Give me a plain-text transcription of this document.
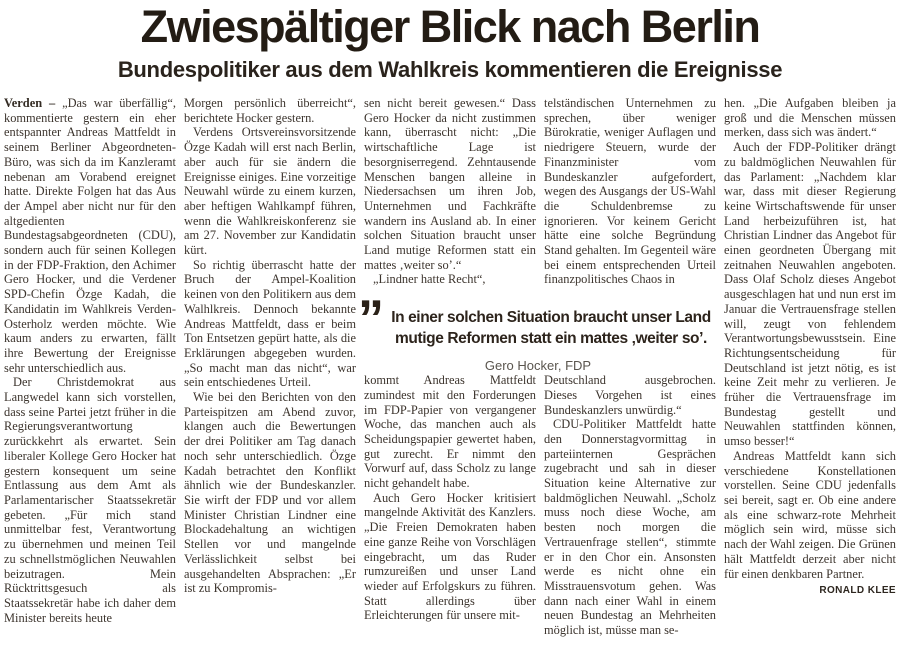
Zwiespältiger Blick nach Berlin
Bundespolitiker aus dem Wahlkreis kommentieren die Ereignisse

Verden – „Das war überfällig“, kommentierte gestern ein eher entspannter Andreas Mattfeldt in seinem Berliner Abgeordneten-Büro, was sich da im Kanzleramt nebenan am Vorabend ereignet hatte. Direkte Folgen hat das Aus der Ampel aber nicht nur für den altgedienten Bundestagsabgeordneten (CDU), sondern auch für seinen Kollegen in der FDP-Fraktion, den Achimer Gero Hocker, und die Verdener SPD-Chefin Özge Kadah, die Kandidatin im Wahlkreis Verden-Osterholz werden möchte. Wie kaum anders zu erwarten, fällt ihre Bewertung der Ereignisse sehr unterschiedlich aus.

Der Christdemokrat aus Langwedel kann sich vorstellen, dass seine Partei jetzt früher in die Regierungsverantwortung zurückkehrt als erwartet. Sein liberaler Kollege Gero Hocker hat gestern konsequent um seine Entlassung aus dem Amt als Parlamentarischer Staatssekretär gebeten. „Für mich stand unmittelbar fest, Verantwortung zu übernehmen und meinen Teil zu schnellstmöglichen Neuwahlen beizutragen. Mein Rücktrittsgesuch als Staatssekretär habe ich daher dem Minister bereits heute

Morgen persönlich überreicht“, berichtete Hocker gestern.

Verdens Ortsvereinsvorsitzende Özge Kadah will erst nach Berlin, aber auch für sie ändern die Ereignisse einiges. Eine vorzeitige Neuwahl würde zu einem kurzen, aber heftigen Wahlkampf führen, wenn die Wahlkreiskonferenz sie am 27. November zur Kandidatin kürt.

So richtig überrascht hatte der Bruch der Ampel-Koalition keinen von den Politikern aus dem Walhlkreis. Dennoch bekannte Andreas Mattfeldt, dass er beim Ton Entsetzen gepürt hatte, als die Erklärungen abgegeben wurden. „So macht man das nicht“, war sein entschiedenes Urteil.

Wie bei den Berichten von den Parteispitzen am Abend zuvor, klangen auch die Bewertungen der drei Politiker am Tag danach noch sehr unterschiedlich. Özge Kadah betrachtet den Konflikt ähnlich wie der Bundeskanzler. Sie wirft der FDP und vor allem Minister Christian Lindner eine Blockadehaltung an wichtigen Stellen vor und mangelnde Verlässlichkeit selbst bei ausgehandelten Absprachen: „Er ist zu Kompromis-

sen nicht bereit gewesen.“ Dass Gero Hocker da nicht zustimmen kann, überrascht nicht: „Die wirtschaftliche Lage ist besorgniserregend. Zehntausende Menschen bangen alleine in Niedersachsen um ihren Job, Unternehmen und Fachkräfte wandern ins Ausland ab. In einer solchen Situation braucht unser Land mutige Reformen statt ein mattes ‚weiter so’.“

„Lindner hatte Recht“,

kommt Andreas Mattfeldt zumindest mit den Forderungen im FDP-Papier von vergangener Woche, das manchen auch als Scheidungspapier gewertet haben, gut zurecht. Er nimmt den Vorwurf auf, dass Scholz zu lange nicht gehandelt habe.

Auch Gero Hocker kritisiert mangelnde Aktivität des Kanzlers. „Die Freien Demokraten haben eine ganze Reihe von Vorschlägen eingebracht, um das Ruder rumzureißen und unser Land wieder auf Erfolgskurs zu führen. Statt allerdings über Erleichterungen für unsere mit-

telständischen Unternehmen zu sprechen, über weniger Bürokratie, weniger Auflagen und niedrigere Steuern, wurde der Finanzminister vom Bundeskanzler aufgefordert, wegen des Ausgangs der US-Wahl die Schuldenbremse zu ignorieren. Vor keinem Gericht hätte eine solche Begründung Stand gehalten. Im Gegenteil wäre bei einem entsprechenden Urteil finanzpolitisches Chaos in

Deutschland ausgebrochen. Dieses Vorgehen ist eines Bundeskanzlers unwürdig.“

CDU-Politiker Mattfeldt hatte den Donnerstagvormittag in parteiinternen Gesprächen zugebracht und sah in dieser Situation keine Alternative zur baldmöglichen Neuwahl. „Scholz muss noch diese Woche, am besten noch morgen die Vertrauenfrage stellen“, stimmte er in den Chor ein. Ansonsten werde es nicht ohne ein Misstrauensvotum gehen. Was dann nach einer Wahl in einem neuen Bundestag an Mehrheiten möglich ist, müsse man se-

hen. „Die Aufgaben bleiben ja groß und die Menschen müssen merken, dass sich was ändert.“

Auch der FDP-Politiker drängt zu baldmöglichen Neuwahlen für das Parlament: „Nachdem klar war, dass mit dieser Regierung keine Wirtschaftswende für unser Land herbeizuführen ist, hat Christian Lindner das Angebot für einen geordneten Übergang mit zeitnahen Neuwahlen angeboten. Dass Olaf Scholz dieses Angebot ausgeschlagen hat und nun erst im Januar die Vertrauensfrage stellen will, zeugt von fehlendem Verantwortungsbewusstsein. Eine Richtungsentscheidung für Deutschland ist jetzt nötig, es ist keine Zeit mehr zu verlieren. Je früher die Vertrauensfrage im Bundestag gestellt und Neuwahlen stattfinden können, umso besser!“

Andreas Mattfeldt kann sich verschiedene Konstellationen vorstellen. Seine CDU jedenfalls sei bereit, sagt er. Ob eine andere als eine schwarz-rote Mehrheit möglich sein wird, müsse sich nach der Wahl zeigen. Die Grünen hält Mattfeldt derzeit aber nicht für einen denkbaren Partner.
RONALD KLEE

” In einer solchen Situation braucht unser Land
mutige Reformen statt ein mattes ‚weiter so’.
Gero Hocker, FDP
